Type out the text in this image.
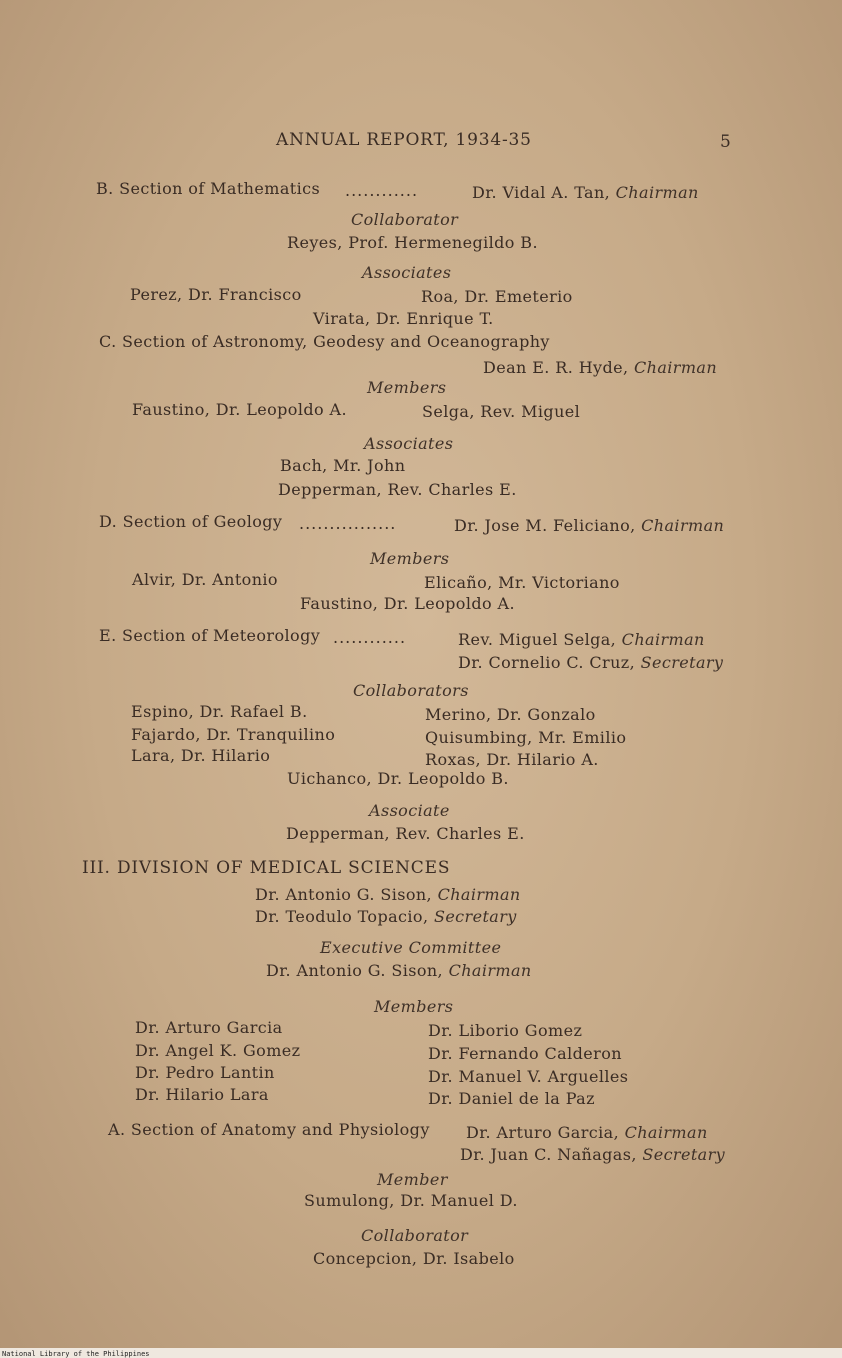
ANNUAL REPORT, 1934-35	5
B. Section of Mathematics ............	Dr. Vidal A. Tan, Chairman
Collaborator
Reyes, Prof. Hermenegildo B.
Associates
Perez, Dr. Francisco	Roa, Dr. Emeterio
Virata, Dr. Enrique T.
C. Section of Astronomy, Geodesy and Oceanography
Dean E. R. Hyde, Chairman
Members
Faustino, Dr. Leopoldo A.	Selga, Rev. Miguel
Associates
Bach, Mr. John
Depperman, Rev. Charles E.
D. Section of Geology ................	Dr. Jose M. Feliciano, Chairman
Members
Alvir, Dr. Antonio	Elicaño, Mr. Victoriano
Faustino, Dr. Leopoldo A.
E. Section of Meteorology ............	Rev. Miguel Selga, Chairman
Dr. Cornelio C. Cruz, Secretary
Collaborators
Espino, Dr. Rafael B.	Merino, Dr. Gonzalo
Fajardo, Dr. Tranquilino	Quisumbing, Mr. Emilio
Lara, Dr. Hilario	Roxas, Dr. Hilario A.
Uichanco, Dr. Leopoldo B.
Associate
Depperman, Rev. Charles E.
III. DIVISION OF MEDICAL SCIENCES
Dr. Antonio G. Sison, Chairman
Dr. Teodulo Topacio, Secretary
Executive Committee
Dr. Antonio G. Sison, Chairman
Members
Dr. Arturo Garcia	Dr. Liborio Gomez
Dr. Angel K. Gomez	Dr. Fernando Calderon
Dr. Pedro Lantin	Dr. Manuel V. Arguelles
Dr. Hilario Lara	Dr. Daniel de la Paz
A. Section of Anatomy and Physiology Dr. Arturo Garcia, Chairman
Dr. Juan C. Nañagas, Secretary
Member
Sumulong, Dr. Manuel D.
Collaborator
Concepcion, Dr. Isabelo
National Library of the Philippines
